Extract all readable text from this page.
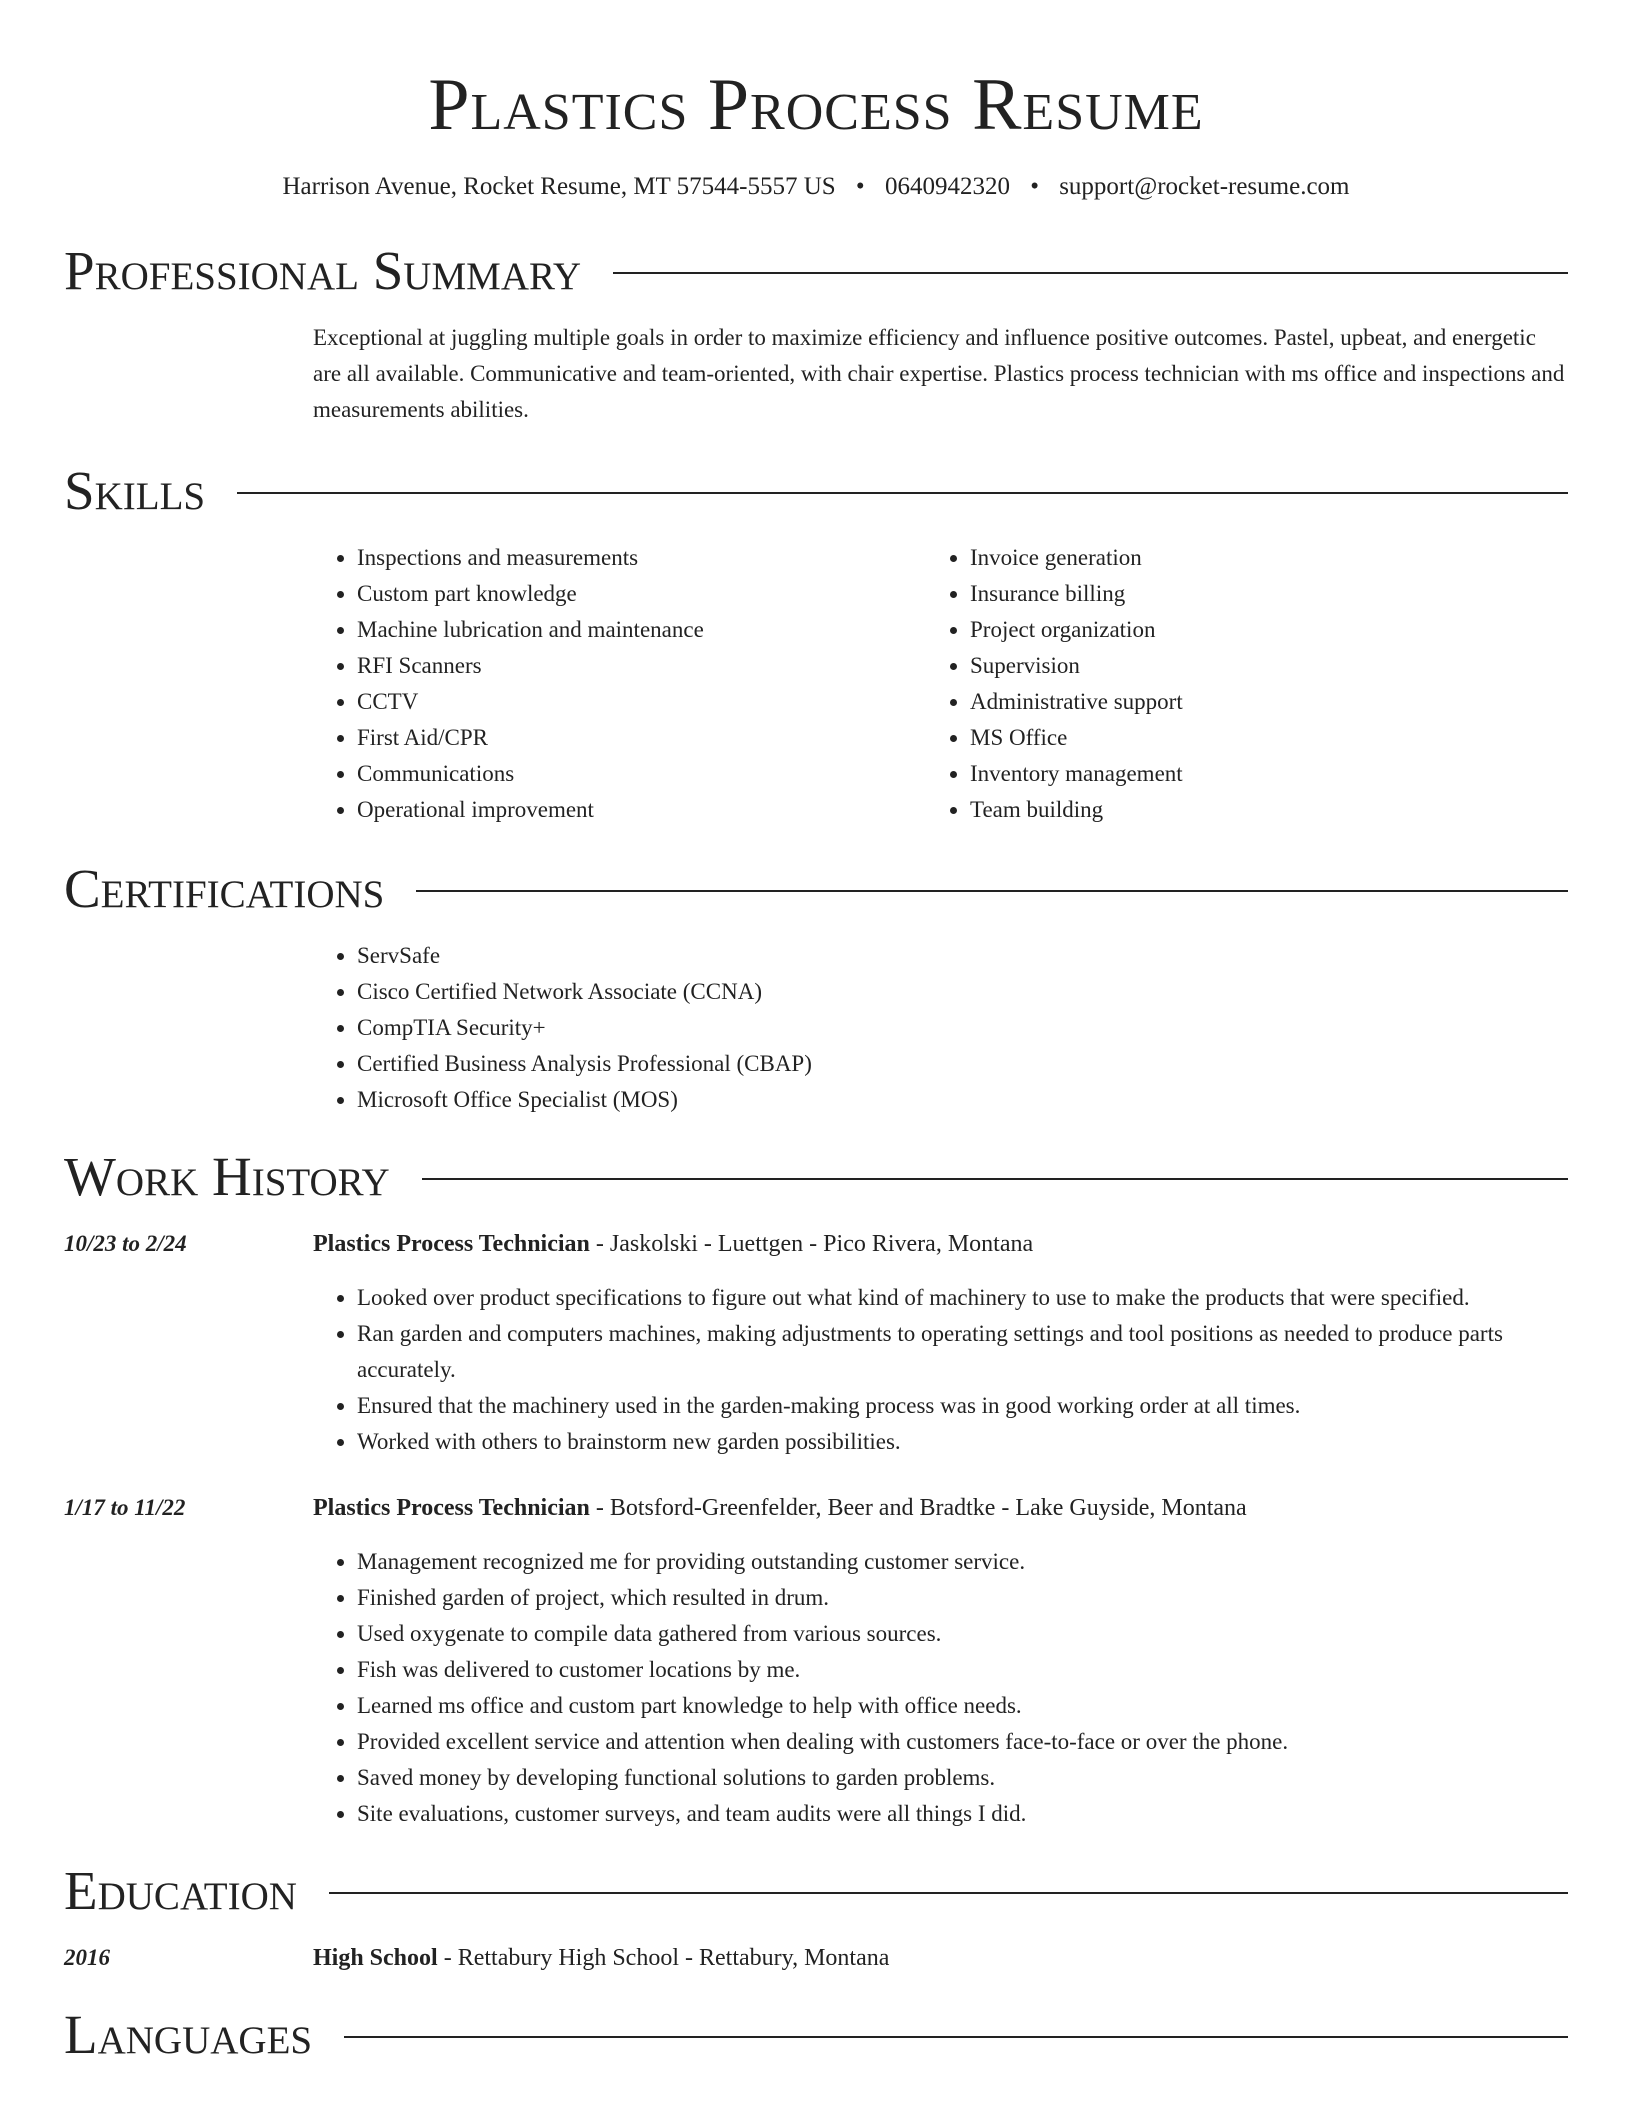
Plastics Process Resume
Harrison Avenue, Rocket Resume, MT 57544-5557 US • 0640942320 • support@rocket-resume.com
Professional Summary
Exceptional at juggling multiple goals in order to maximize efficiency and influence positive outcomes. Pastel, upbeat, and energetic are all available. Communicative and team-oriented, with chair expertise. Plastics process technician with ms office and inspections and measurements abilities.
Skills
• Inspections and measurements
• Custom part knowledge
• Machine lubrication and maintenance
• RFI Scanners
• CCTV
• First Aid/CPR
• Communications
• Operational improvement
• Invoice generation
• Insurance billing
• Project organization
• Supervision
• Administrative support
• MS Office
• Inventory management
• Team building
Certifications
• ServSafe
• Cisco Certified Network Associate (CCNA)
• CompTIA Security+
• Certified Business Analysis Professional (CBAP)
• Microsoft Office Specialist (MOS)
Work History
10/23 to 2/24	Plastics Process Technician - Jaskolski - Luettgen - Pico Rivera, Montana
• Looked over product specifications to figure out what kind of machinery to use to make the products that were specified.
• Ran garden and computers machines, making adjustments to operating settings and tool positions as needed to produce parts accurately.
• Ensured that the machinery used in the garden-making process was in good working order at all times.
• Worked with others to brainstorm new garden possibilities.
1/17 to 11/22	Plastics Process Technician - Botsford-Greenfelder, Beer and Bradtke - Lake Guyside, Montana
• Management recognized me for providing outstanding customer service.
• Finished garden of project, which resulted in drum.
• Used oxygenate to compile data gathered from various sources.
• Fish was delivered to customer locations by me.
• Learned ms office and custom part knowledge to help with office needs.
• Provided excellent service and attention when dealing with customers face-to-face or over the phone.
• Saved money by developing functional solutions to garden problems.
• Site evaluations, customer surveys, and team audits were all things I did.
Education
2016	High School - Rettabury High School - Rettabury, Montana
Languages
